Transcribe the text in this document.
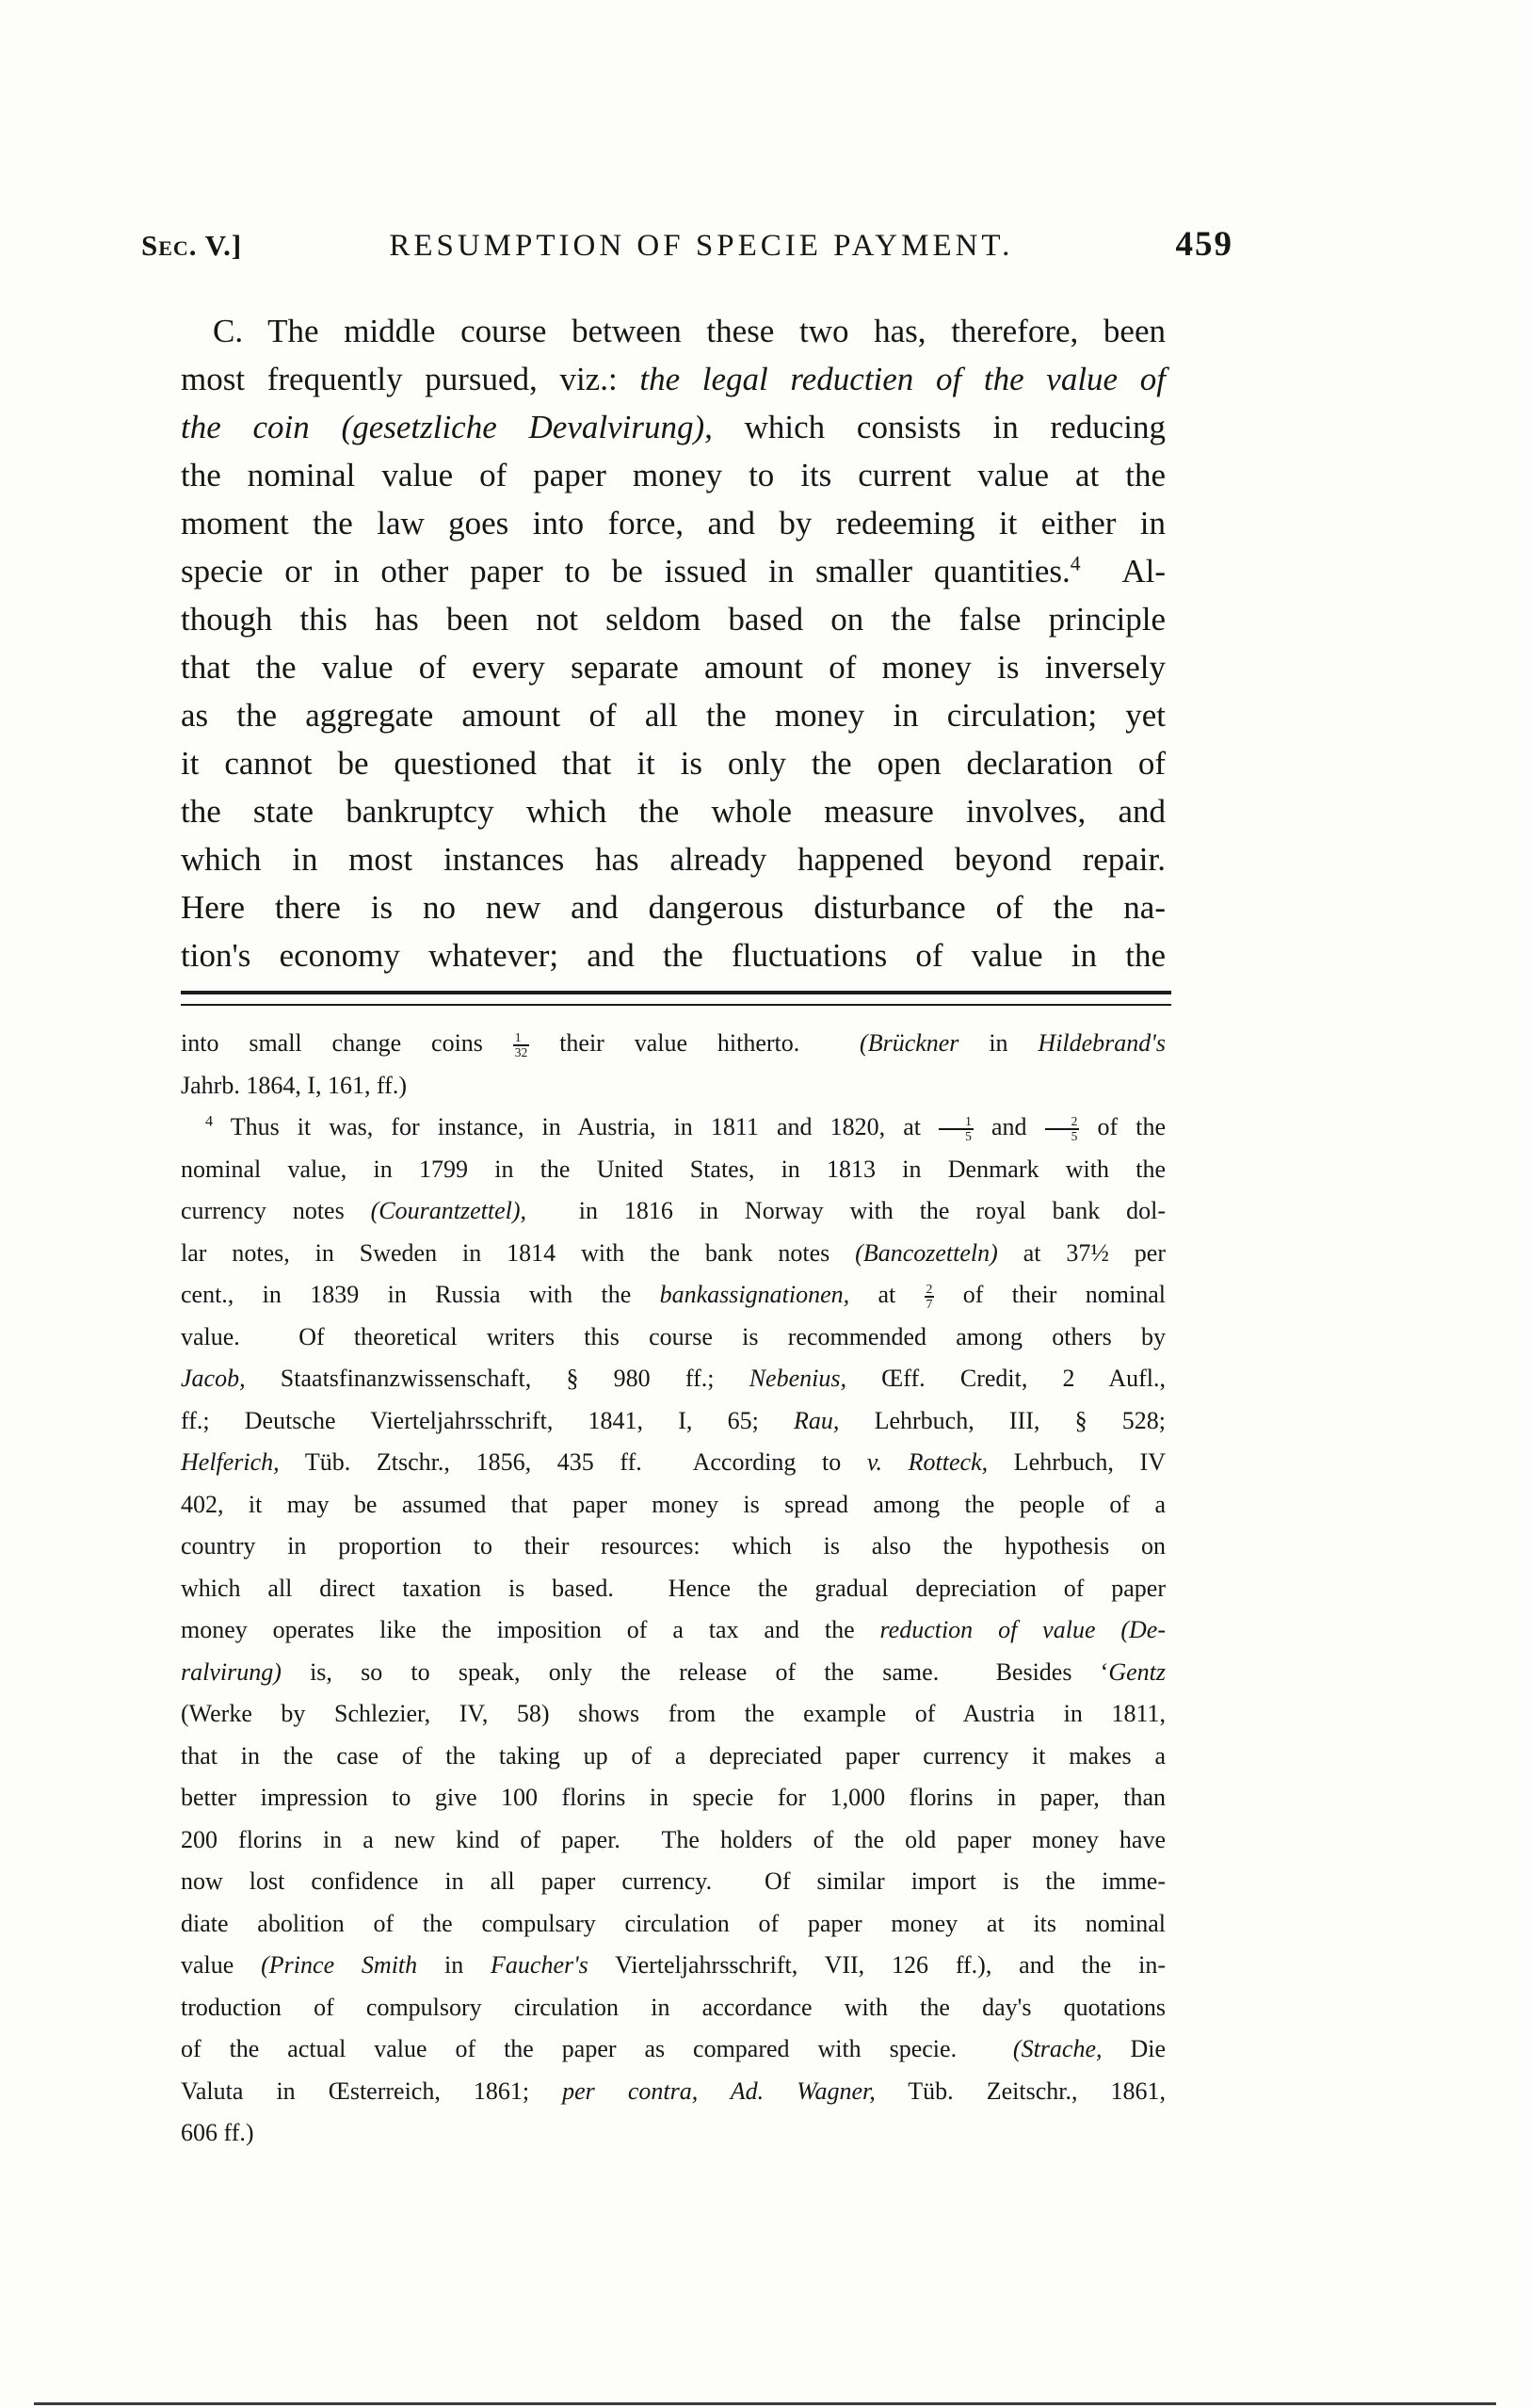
Sec. V.]	RESUMPTION OF SPECIE PAYMENT.	459
C. The middle course between these two has, therefore, been
most frequently pursued, viz.: the legal reductien of the value of
the coin (gesetzliche Devalvirung), which consists in reducing
the nominal value of paper money to its current value at the
moment the law goes into force, and by redeeming it either in
specie or in other paper to be issued in smaller quantities.$^4$  Al-
though this has been not seldom based on the false principle
that the value of every separate amount of money is inversely
as the aggregate amount of all the money in circulation; yet
it cannot be questioned that it is only the open declaration of
the state bankruptcy which the whole measure involves, and
which in most instances has already happened beyond repair.
Here there is no new and dangerous disturbance of the na-
tion's economy whatever; and the fluctuations of value in the
into small change coins $\frac{1}{32}$ their value hitherto.  (Brückner in Hildebrand's
Jahrb. 1864, I, 161, ff.)
$^4$ Thus it was, for instance, in Austria, in 1811 and 1820, at $\frac{1}{5}$ and $\frac{2}{5}$ of the
nominal value, in 1799 in the United States, in 1813 in Denmark with the
currency notes (Courantzettel),  in 1816 in Norway with the royal bank dol-
lar notes, in Sweden in 1814 with the bank notes (Bancozetteln) at 37½ per
cent., in 1839 in Russia with the bankassignationen, at $\frac{2}{7}$ of their nominal
value.  Of theoretical writers this course is recommended among others by
Jacob, Staatsfinanzwissenschaft, § 980 ff.; Nebenius, Œff. Credit, 2 Aufl.,
ff.; Deutsche Vierteljahrsschrift, 1841, I, 65; Rau, Lehrbuch, III, § 528;
Helferich, Tüb. Ztschr., 1856, 435 ff.  According to v. Rotteck, Lehrbuch, IV
402, it may be assumed that paper money is spread among the people of a
country in proportion to their resources: which is also the hypothesis on
which all direct taxation is based.  Hence the gradual depreciation of paper
money operates like the imposition of a tax and the reduction of value (De-
ralvirung) is, so to speak, only the release of the same.  Besides ‘Gentz
(Werke by Schlezier, IV, 58) shows from the example of Austria in 1811,
that in the case of the taking up of a depreciated paper currency it makes a
better impression to give 100 florins in specie for 1,000 florins in paper, than
200 florins in a new kind of paper.  The holders of the old paper money have
now lost confidence in all paper currency.  Of similar import is the imme-
diate abolition of the compulsary circulation of paper money at its nominal
value (Prince Smith in Faucher's Vierteljahrsschrift, VII, 126 ff.), and the in-
troduction of compulsory circulation in accordance with the day's quotations
of the actual value of the paper as compared with specie.  (Strache, Die
Valuta in Œsterreich, 1861; per contra, Ad. Wagner, Tüb. Zeitschr., 1861,
606 ff.)
